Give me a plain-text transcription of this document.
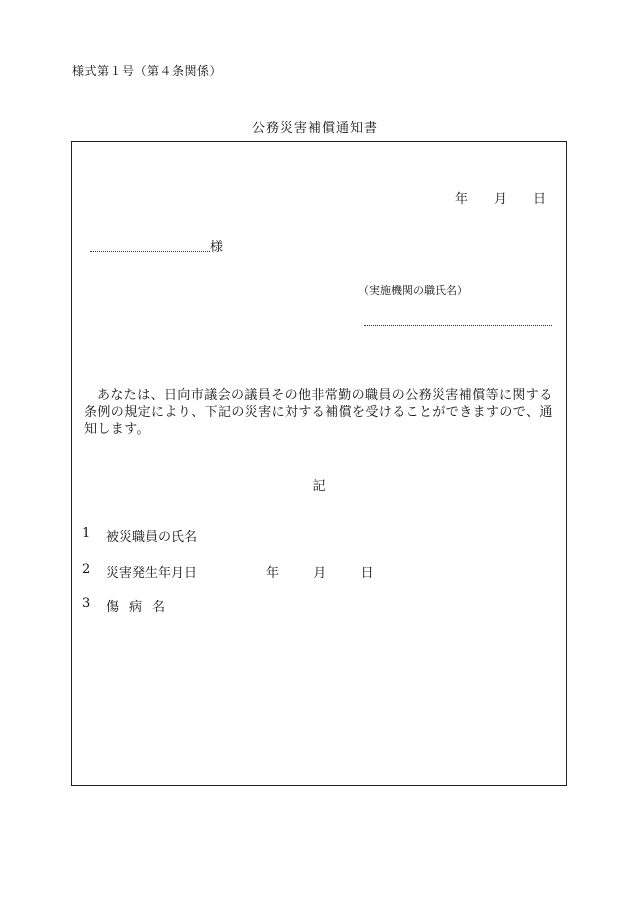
様式第１号（第４条関係）
公務災害補償通知書
年 月 日
様
（実施機関の職氏名）
あなたは、日向市議会の議員その他非常勤の職員の公務災害補償等に関する条例の規定により、下記の災害に対する補償を受けることができますので、通知します。
記
1	被災職員の氏名
2	災害発生年月日	年	月	日
3	傷病名
